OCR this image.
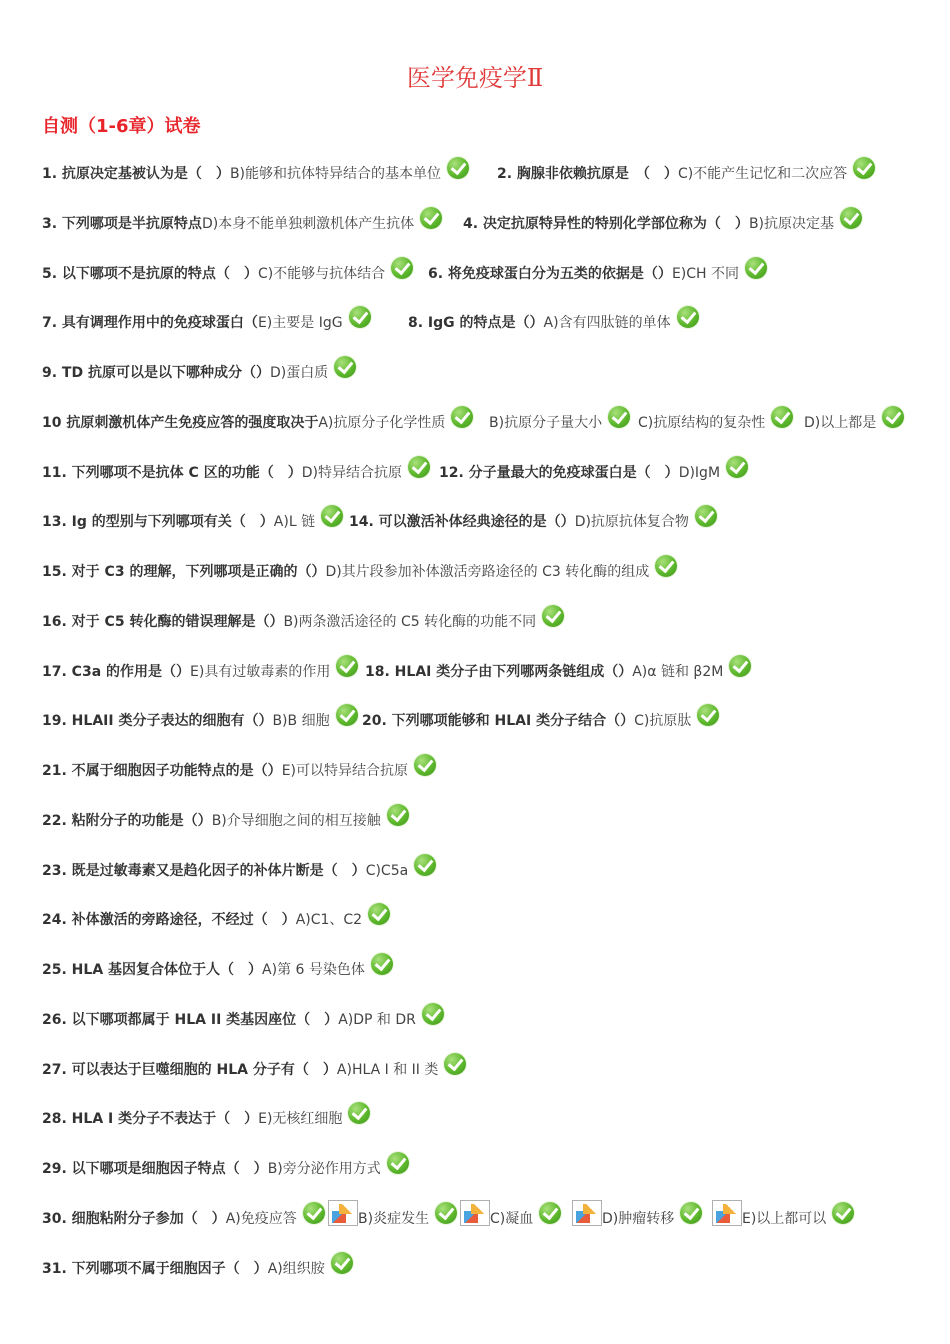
医学免疫学Ⅱ
自测（1-6章）试卷
1. 抗原决定基被认为是（　）B)能够和抗体特异结合的基本单位	2. 胸腺非依赖抗原是　（　）C)不能产生记忆和二次应答
3. 下列哪项是半抗原特点D)本身不能单独刺激机体产生抗体	4. 决定抗原特异性的特别化学部位称为（　）B)抗原决定基
5. 以下哪项不是抗原的特点（　）C)不能够与抗体结合	6. 将免疫球蛋白分为五类的依据是（）E)CH 不同
7. 具有调理作用中的免疫球蛋白（E)主要是 IgG	8. IgG 的特点是（）A)含有四肽链的单体
9. TD 抗原可以是以下哪种成分（）D)蛋白质
10 抗原刺激机体产生免疫应答的强度取决于A)抗原分子化学性质	B)抗原分子量大小	C)抗原结构的复杂性	D)以上都是
11. 下列哪项不是抗体 C 区的功能（　）D)特异结合抗原	12. 分子量最大的免疫球蛋白是（　）D)IgM
13. Ig 的型别与下列哪项有关（　）A)L 链	14. 可以激活补体经典途径的是（）D)抗原抗体复合物
15. 对于 C3 的理解，下列哪项是正确的（）D)其片段参加补体激活旁路途径的 C3 转化酶的组成
16. 对于 C5 转化酶的错误理解是（）B)两条激活途径的 C5 转化酶的功能不同
17. C3a 的作用是（）E)具有过敏毒素的作用	18. HLAI 类分子由下列哪两条链组成（）A)α 链和 β2M
19. HLAII 类分子表达的细胞有（）B)B 细胞	20. 下列哪项能够和 HLAI 类分子结合（）C)抗原肽
21. 不属于细胞因子功能特点的是（）E)可以特异结合抗原
22. 粘附分子的功能是（）B)介导细胞之间的相互接触
23. 既是过敏毒素又是趋化因子的补体片断是（　）C)C5a
24. 补体激活的旁路途径，不经过（　）A)C1、C2
25. HLA 基因复合体位于人（　）A)第 6 号染色体
26. 以下哪项都属于 HLA II 类基因座位（　）A)DP 和 DR
27. 可以表达于巨噬细胞的 HLA 分子有（　）A)HLA I 和 II 类
28. HLA I 类分子不表达于（　）E)无核红细胞
29. 以下哪项是细胞因子特点（　）B)旁分泌作用方式
30. 细胞粘附分子参加（　）A)免疫应答	B)炎症发生	C)凝血	D)肿瘤转移	E)以上都可以
31. 下列哪项不属于细胞因子（　）A)组织胺
